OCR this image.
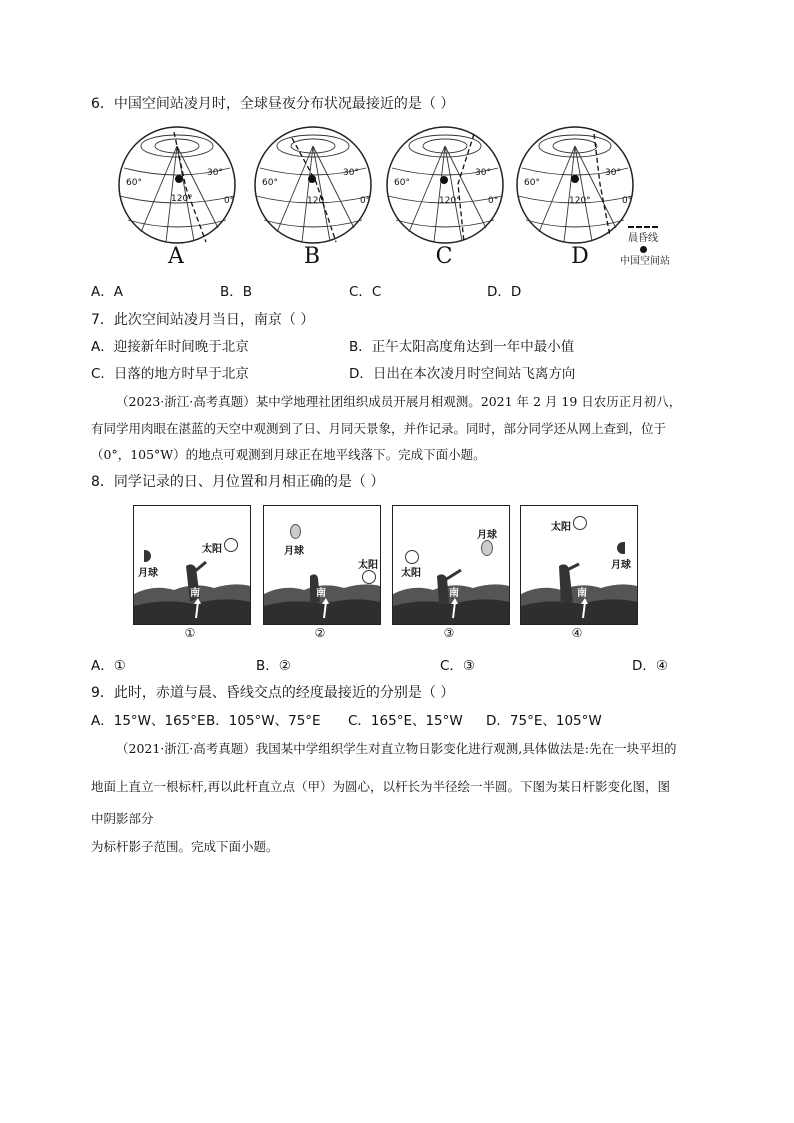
6．中国空间站凌月时，全球昼夜分布状况最接近的是（ ）
60°
120°
30°
0°
A
60°
120
30°
0°
B
60°
120°
30°
0°
C
60°
120°
30°
0°
D
晨昏线
中国空间站
A．A	B．B	C．C	D．D
7．此次空间站凌月当日，南京（ ）
A．迎接新年时间晚于北京	B．正午太阳高度角达到一年中最小值
C．日落的地方时早于北京	D．日出在本次凌月时空间站飞离方向
（2023·浙江·高考真题）某中学地理社团组织成员开展月相观测。2021 年 2 月 19 日农历正月初八，
有同学用肉眼在湛蓝的天空中观测到了日、月同天景象，并作记录。同时，部分同学还从网上查到，位于
（0°，105°W）的地点可观测到月球正在地平线落下。完成下面小题。
8．同学记录的日、月位置和月相正确的是（ ）
月球
太阳
南
①
月球
太阳
南
②
月球
太阳
南
③
月球
太阳
南
④
A．①	B．②	C．③	D．④
9．此时，赤道与晨、昏线交点的经度最接近的分别是（ ）
A．15°W、165°E B．105°W、75°E C．165°E、15°W D．75°E、105°W
（2021·浙江·高考真题）我国某中学组织学生对直立物日影变化进行观测,具体做法是:先在一块平坦的
地面上直立一根标杆,再以此杆直立点（甲）为圆心，以杆长为半径绘一半圆。下图为某日杆影变化图，图
中阴影部分
为标杆影子范围。完成下面小题。
